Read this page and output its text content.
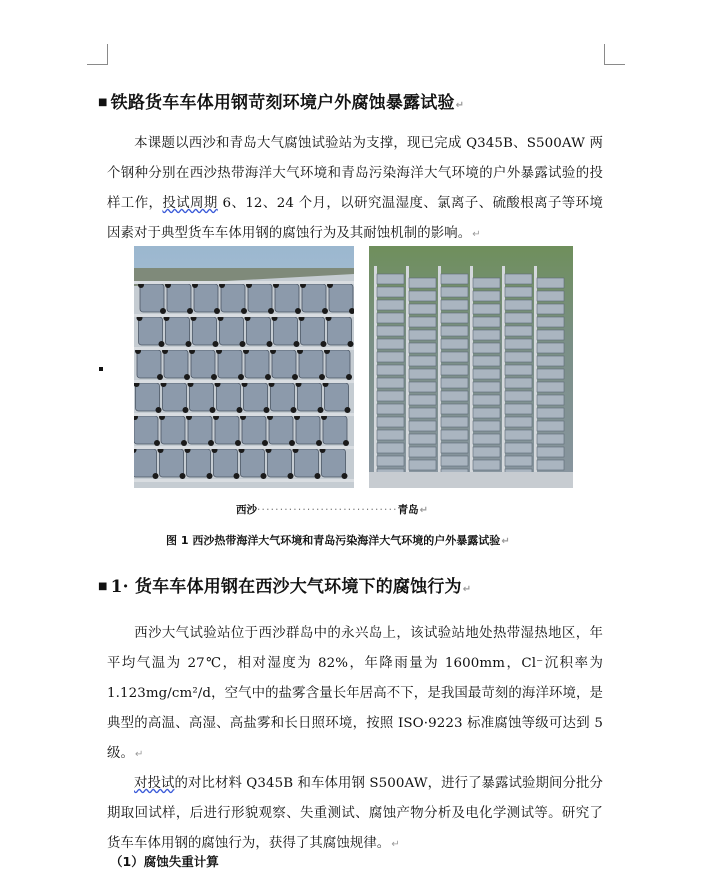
■ 铁路货车车体用钢苛刻环境户外腐蚀暴露试验↵
本课题以西沙和青岛大气腐蚀试验站为支撑，现已完成 Q345B、S500AW 两个钢种分别在西沙热带海洋大气环境和青岛污染海洋大气环境的户外暴露试验的投样工作，投试周期 6、12、24 个月，以研究温湿度、氯离子、硫酸根离子等环境因素对于典型货车车体用钢的腐蚀行为及其耐蚀机制的影响。↵
西沙·······························青岛↵
图 1 西沙热带海洋大气环境和青岛污染海洋大气环境的户外暴露试验↵
■ 1· 货车车体用钢在西沙大气环境下的腐蚀行为↵
西沙大气试验站位于西沙群岛中的永兴岛上，该试验站地处热带湿热地区，年平均气温为 27℃，相对湿度为 82%，年降雨量为 1600mm，Cl⁻沉积率为 1.123mg/cm²/d，空气中的盐雾含量长年居高不下，是我国最苛刻的海洋环境，是典型的高温、高湿、高盐雾和长日照环境，按照 ISO·9223 标准腐蚀等级可达到 5 级。↵
对投试的对比材料 Q345B 和车体用钢 S500AW，进行了暴露试验期间分批分期取回试样，后进行形貌观察、失重测试、腐蚀产物分析及电化学测试等。研究了货车车体用钢的腐蚀行为，获得了其腐蚀规律。↵
（1）腐蚀失重计算
